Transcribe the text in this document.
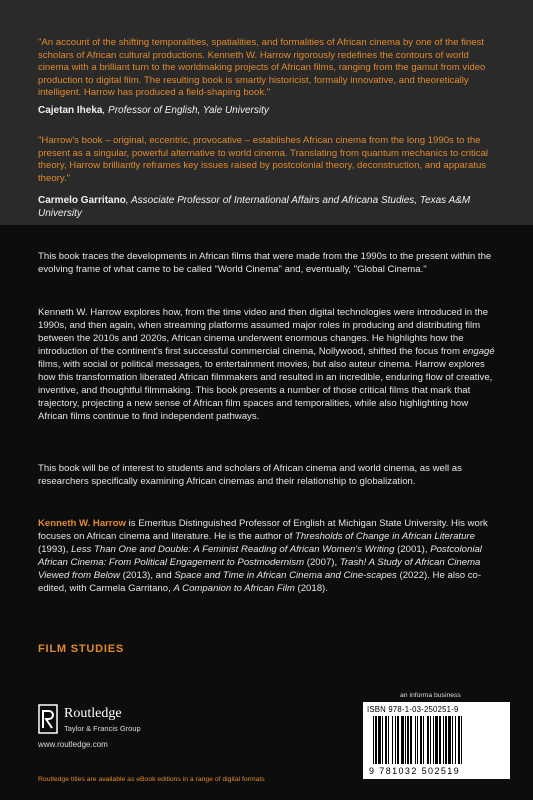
"An account of the shifting temporalities, spatialities, and formalities of African cinema by one of the finest scholars of African cultural productions. Kenneth W. Harrow rigorously redefines the contours of world cinema with a brilliant turn to the worldmaking projects of African films, ranging from the gamut from video production to digital film. The resulting book is smartly historicist, formally innovative, and theoretically intelligent. Harrow has produced a field-shaping book."

Cajetan Iheka, Professor of English, Yale University

"Harrow's book – original, eccentric, provocative – establishes African cinema from the long 1990s to the present as a singular, powerful alternative to world cinema. Translating from quantum mechanics to critical theory, Harrow brilliantly reframes key issues raised by postcolonial theory, deconstruction, and apparatus theory."

Carmelo Garritano, Associate Professor of International Affairs and Africana Studies, Texas A&M University

This book traces the developments in African films that were made from the 1990s to the present within the evolving frame of what came to be called "World Cinema" and, eventually, "Global Cinema."

Kenneth W. Harrow explores how, from the time video and then digital technologies were introduced in the 1990s, and then again, when streaming platforms assumed major roles in producing and distributing film between the 2010s and 2020s, African cinema underwent enormous changes. He highlights how the introduction of the continent's first successful commercial cinema, Nollywood, shifted the focus from engagé films, with social or political messages, to entertainment movies, but also auteur cinema. Harrow explores how this transformation liberated African filmmakers and resulted in an incredible, enduring flow of creative, inventive, and thoughtful filmmaking. This book presents a number of those critical films that mark that trajectory, projecting a new sense of African film spaces and temporalities, while also highlighting how African films continue to find independent pathways.

This book will be of interest to students and scholars of African cinema and world cinema, as well as researchers specifically examining African cinemas and their relationship to globalization.

Kenneth W. Harrow is Emeritus Distinguished Professor of English at Michigan State University. His work focuses on African cinema and literature. He is the author of Thresholds of Change in African Literature (1993), Less Than One and Double: A Feminist Reading of African Women's Writing (2001), Postcolonial African Cinema: From Political Engagement to Postmodernism (2007), Trash! A Study of African Cinema Viewed from Below (2013), and Space and Time in African Cinema and Cine-scapes (2022). He also co-edited, with Carmela Garritano, A Companion to African Film (2018).

FILM STUDIES
Routledge
Taylor & Francis Group
www.routledge.com
Routledge titles are available as eBook editions in a range of digital formats
an informa business
ISBN 978-1-03-250251-9
9 781032 502519
